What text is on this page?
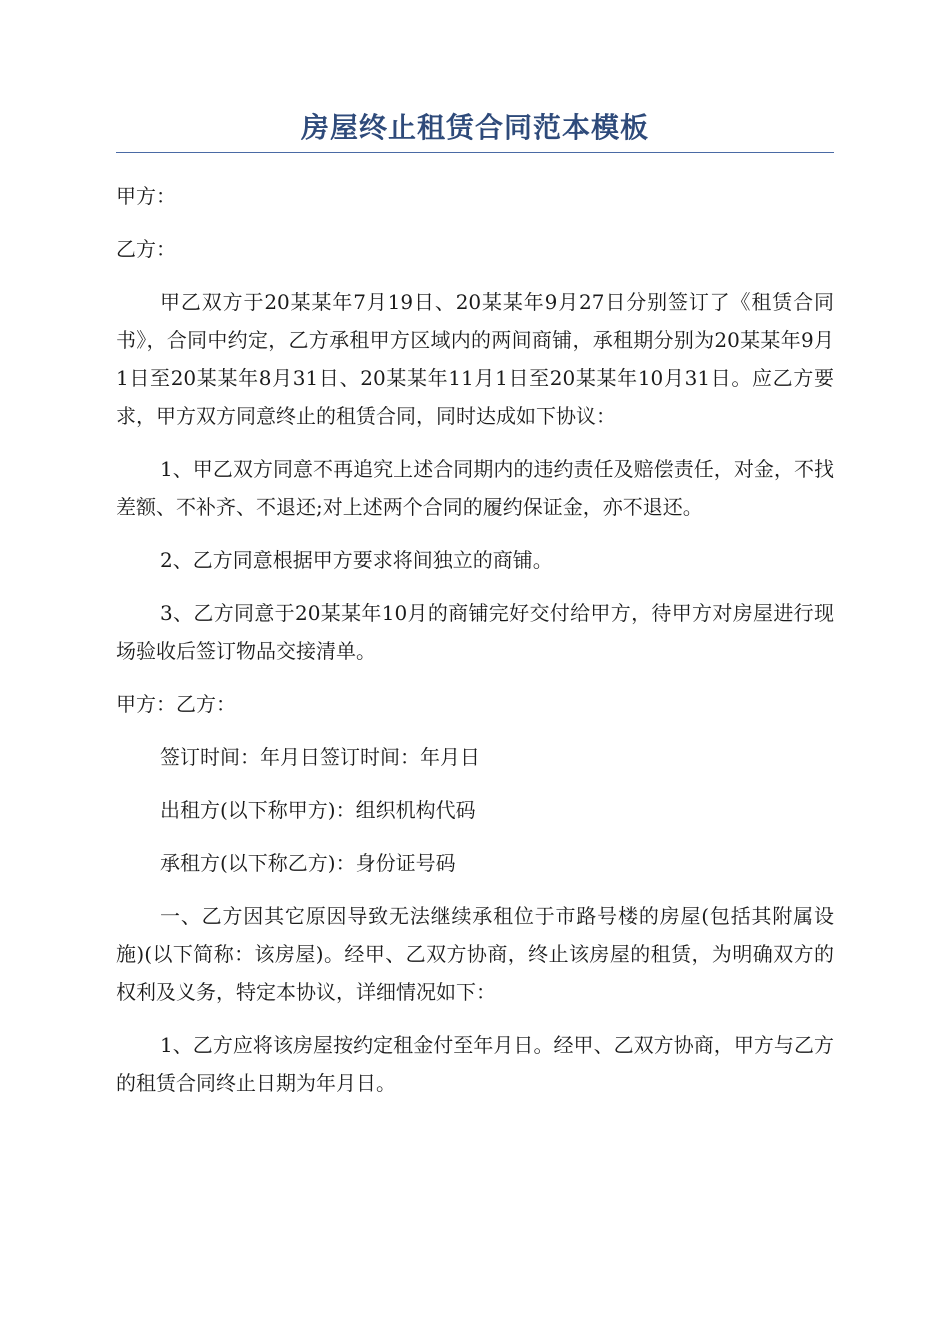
房屋终止租赁合同范本模板

甲方：

乙方：

甲乙双方于20某某年7月19日、20某某年9月27日分别签订了《租赁合同书》，合同中约定，乙方承租甲方区域内的两间商铺，承租期分别为20某某年9月1日至20某某年8月31日、20某某年11月1日至20某某年10月31日。应乙方要求，甲方双方同意终止的租赁合同，同时达成如下协议：

1、甲乙双方同意不再追究上述合同期内的违约责任及赔偿责任，对金，不找差额、不补齐、不退还;对上述两个合同的履约保证金，亦不退还。

2、乙方同意根据甲方要求将间独立的商铺。

3、乙方同意于20某某年10月的商铺完好交付给甲方，待甲方对房屋进行现场验收后签订物品交接清单。

甲方：乙方：

签订时间：年月日签订时间：年月日

出租方(以下称甲方)：组织机构代码

承租方(以下称乙方)：身份证号码

一、乙方因其它原因导致无法继续承租位于市路号楼的房屋(包括其附属设施)(以下简称：该房屋)。经甲、乙双方协商，终止该房屋的租赁，为明确双方的权利及义务，特定本协议，详细情况如下：

1、乙方应将该房屋按约定租金付至年月日。经甲、乙双方协商，甲方与乙方的租赁合同终止日期为年月日。
